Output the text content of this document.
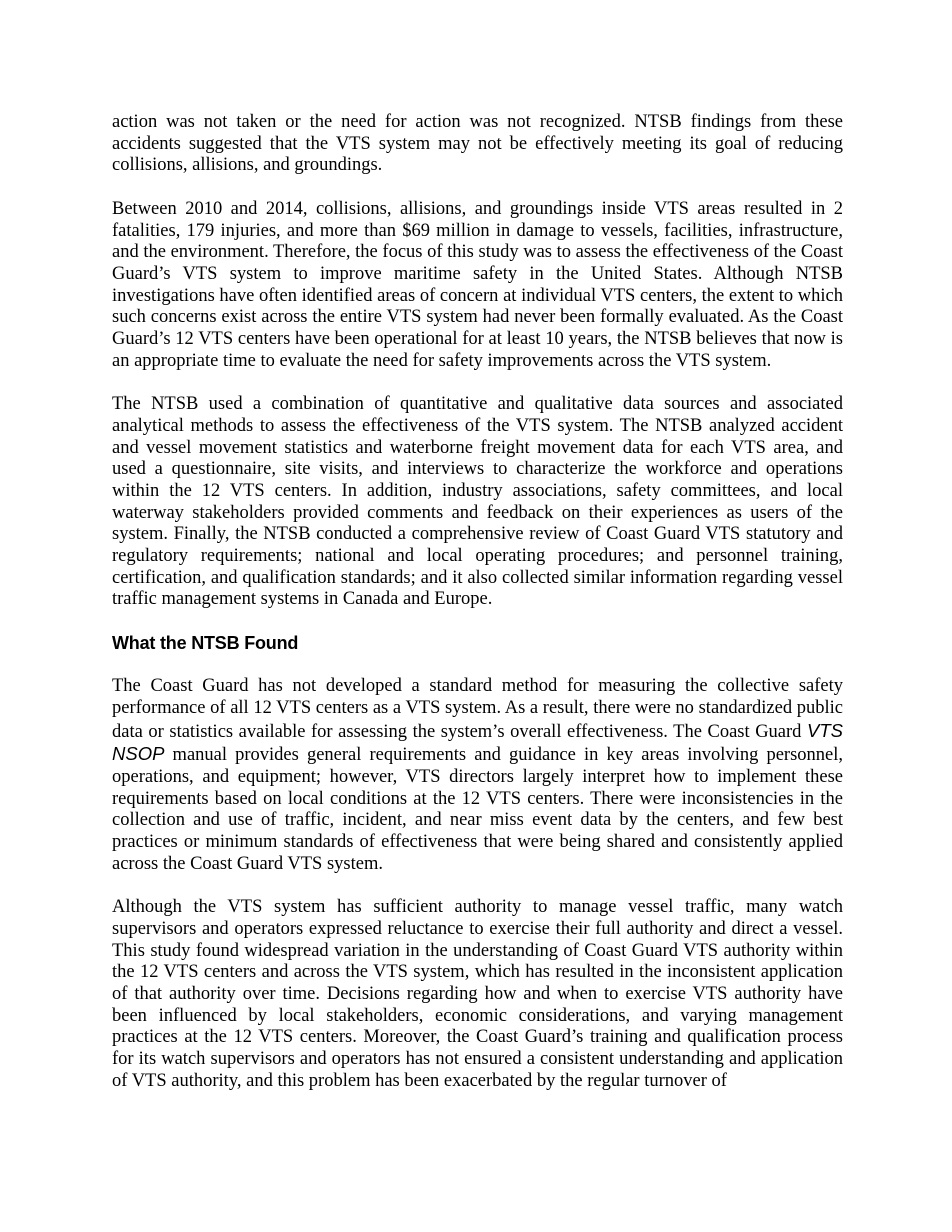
action was not taken or the need for action was not recognized. NTSB findings from these accidents suggested that the VTS system may not be effectively meeting its goal of reducing collisions, allisions, and groundings.

Between 2010 and 2014, collisions, allisions, and groundings inside VTS areas resulted in 2 fatalities, 179 injuries, and more than $69 million in damage to vessels, facilities, infrastructure, and the environment. Therefore, the focus of this study was to assess the effectiveness of the Coast Guard’s VTS system to improve maritime safety in the United States. Although NTSB investigations have often identified areas of concern at individual VTS centers, the extent to which such concerns exist across the entire VTS system had never been formally evaluated. As the Coast Guard’s 12 VTS centers have been operational for at least 10 years, the NTSB believes that now is an appropriate time to evaluate the need for safety improvements across the VTS system.

The NTSB used a combination of quantitative and qualitative data sources and associated analytical methods to assess the effectiveness of the VTS system. The NTSB analyzed accident and vessel movement statistics and waterborne freight movement data for each VTS area, and used a questionnaire, site visits, and interviews to characterize the workforce and operations within the 12 VTS centers. In addition, industry associations, safety committees, and local waterway stakeholders provided comments and feedback on their experiences as users of the system. Finally, the NTSB conducted a comprehensive review of Coast Guard VTS statutory and regulatory requirements; national and local operating procedures; and personnel training, certification, and qualification standards; and it also collected similar information regarding vessel traffic management systems in Canada and Europe.

What the NTSB Found

The Coast Guard has not developed a standard method for measuring the collective safety performance of all 12 VTS centers as a VTS system. As a result, there were no standardized public data or statistics available for assessing the system’s overall effectiveness. The Coast Guard VTS NSOP manual provides general requirements and guidance in key areas involving personnel, operations, and equipment; however, VTS directors largely interpret how to implement these requirements based on local conditions at the 12 VTS centers. There were inconsistencies in the collection and use of traffic, incident, and near miss event data by the centers, and few best practices or minimum standards of effectiveness that were being shared and consistently applied across the Coast Guard VTS system.

Although the VTS system has sufficient authority to manage vessel traffic, many watch supervisors and operators expressed reluctance to exercise their full authority and direct a vessel. This study found widespread variation in the understanding of Coast Guard VTS authority within the 12 VTS centers and across the VTS system, which has resulted in the inconsistent application of that authority over time. Decisions regarding how and when to exercise VTS authority have been influenced by local stakeholders, economic considerations, and varying management practices at the 12 VTS centers. Moreover, the Coast Guard’s training and qualification process for its watch supervisors and operators has not ensured a consistent understanding and application of VTS authority, and this problem has been exacerbated by the regular turnover of
